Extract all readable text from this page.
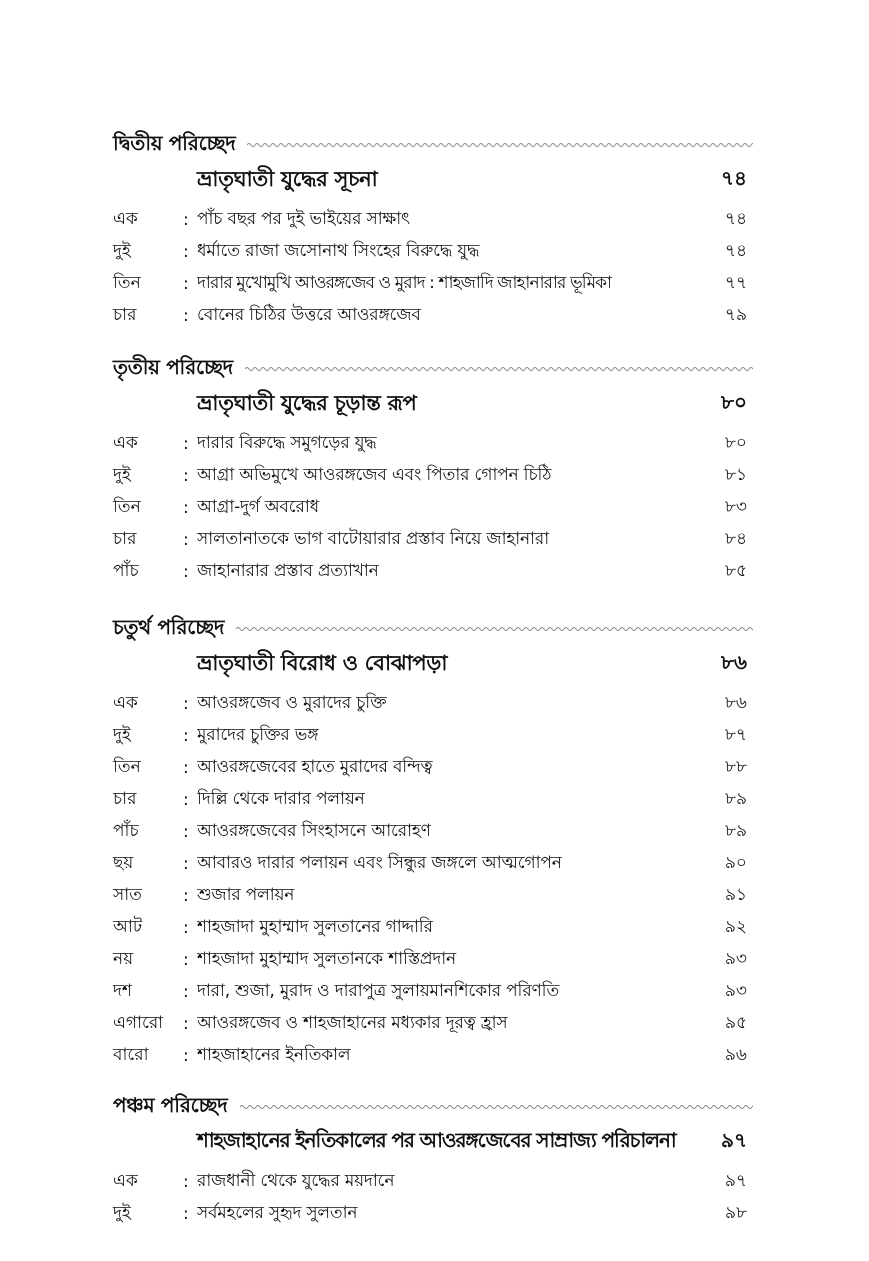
দ্বিতীয় পরিচ্ছেদ
ভ্রাতৃঘাতী যুদ্ধের সূচনা	৭৪
এক	: পাঁচ বছর পর দুই ভাইয়ের সাক্ষাৎ	৭৪
দুই	: ধর্মাতে রাজা জসোনাথ সিংহের বিরুদ্ধে যুদ্ধ	৭৪
তিন	: দারার মুখোমুখি আওরঙ্গজেব ও মুরাদ : শাহজাদি জাহানারার ভূমিকা	৭৭
চার	: বোনের চিঠির উত্তরে আওরঙ্গজেব	৭৯
তৃতীয় পরিচ্ছেদ
ভ্রাতৃঘাতী যুদ্ধের চূড়ান্ত রূপ	৮০
এক	: দারার বিরুদ্ধে সমুগড়ের যুদ্ধ	৮০
দুই	: আগ্রা অভিমুখে আওরঙ্গজেব এবং পিতার গোপন চিঠি	৮১
তিন	: আগ্রা-দুর্গ অবরোধ	৮৩
চার	: সালতানাতকে ভাগ বাটোয়ারার প্রস্তাব নিয়ে জাহানারা	৮৪
পাঁচ	: জাহানারার প্রস্তাব প্রত্যাখান	৮৫
চতুর্থ পরিচ্ছেদ
ভ্রাতৃঘাতী বিরোধ ও বোঝাপড়া	৮৬
এক	: আওরঙ্গজেব ও মুরাদের চুক্তি	৮৬
দুই	: মুরাদের চুক্তির ভঙ্গ	৮৭
তিন	: আওরঙ্গজেবের হাতে মুরাদের বন্দিত্ব	৮৮
চার	: দিল্লি থেকে দারার পলায়ন	৮৯
পাঁচ	: আওরঙ্গজেবের সিংহাসনে আরোহণ	৮৯
ছয়	: আবারও দারার পলায়ন এবং সিন্ধুর জঙ্গলে আত্মগোপন	৯০
সাত	: শুজার পলায়ন	৯১
আট	: শাহজাদা মুহাম্মাদ সুলতানের গাদ্দারি	৯২
নয়	: শাহজাদা মুহাম্মাদ সুলতানকে শাস্তিপ্রদান	৯৩
দশ	: দারা, শুজা, মুরাদ ও দারাপুত্র সুলায়মানশিকোর পরিণতি	৯৩
এগারো	: আওরঙ্গজেব ও শাহজাহানের মধ্যকার দূরত্ব হ্রাস	৯৫
বারো	: শাহজাহানের ইনতিকাল	৯৬
পঞ্চম পরিচ্ছেদ
শাহজাহানের ইনতিকালের পর আওরঙ্গজেবের সাম্রাজ্য পরিচালনা ৯৭
এক	: রাজধানী থেকে যুদ্ধের ময়দানে	৯৭
দুই	: সর্বমহলের সুহৃদ সুলতান	৯৮
